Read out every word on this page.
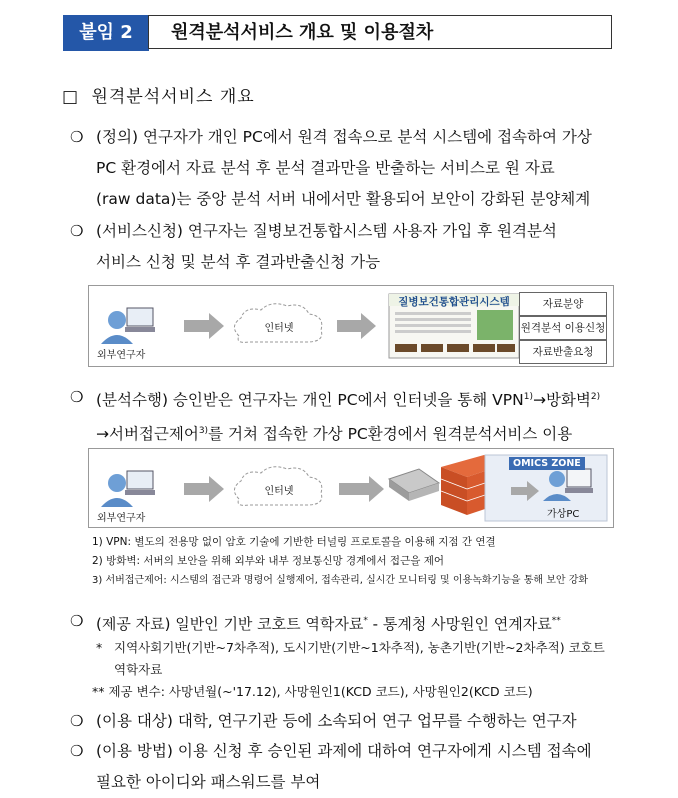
붙임 2	원격분석서비스 개요 및 이용절차
□ 원격분석서비스 개요
❍ (정의) 연구자가 개인 PC에서 원격 접속으로 분석 시스템에 접속하여 가상
PC 환경에서 자료 분석 후 분석 결과만을 반출하는 서비스로 원 자료
(raw data)는 중앙 분석 서버 내에서만 활용되어 보안이 강화된 분양체계
❍ (서비스신청) 연구자는 질병보건통합시스템 사용자 가입 후 원격분석
서비스 신청 및 분석 후 결과반출신청 가능
인터넷
외부연구자
질병보건통합관리시스템	자료분양
원격분석 이용신청
자료반출요청
❍ (분석수행) 승인받은 연구자는 개인 PC에서 인터넷을 통해 $VPN^{1)}\to$방화벽$^{2)}$
→서버접근제어$^{3)}$를 거쳐 접속한 가상 PC환경에서 원격분석서비스 이용
인터넷
외부연구자
OMICS ZONE
가상PC
1) VPN: 별도의 전용망 없이 암호 기술에 기반한 터널링 프로토콜을 이용해 지점 간 연결
2) 방화벽: 서버의 보안을 위해 외부와 내부 정보통신망 경계에서 접근을 제어
3) 서버접근제어: 시스템의 접근과 명령어 실행제어, 접속관리, 실시간 모니터링 및 이용녹화기능을 통해 보안 강화
❍ (제공 자료) 일반인 기반 코호트 역학자료* - 통계청 사망원인 연계자료**
* 지역사회기반(기반~7차추적), 도시기반(기반~1차추적), 농촌기반(기반~2차추적) 코호트
역학자료
** 제공 변수: 사망년월(~'17.12), 사망원인1(KCD 코드), 사망원인2(KCD 코드)
❍ (이용 대상) 대학, 연구기관 등에 소속되어 연구 업무를 수행하는 연구자
❍ (이용 방법) 이용 신청 후 승인된 과제에 대하여 연구자에게 시스템 접속에
필요한 아이디와 패스워드를 부여
